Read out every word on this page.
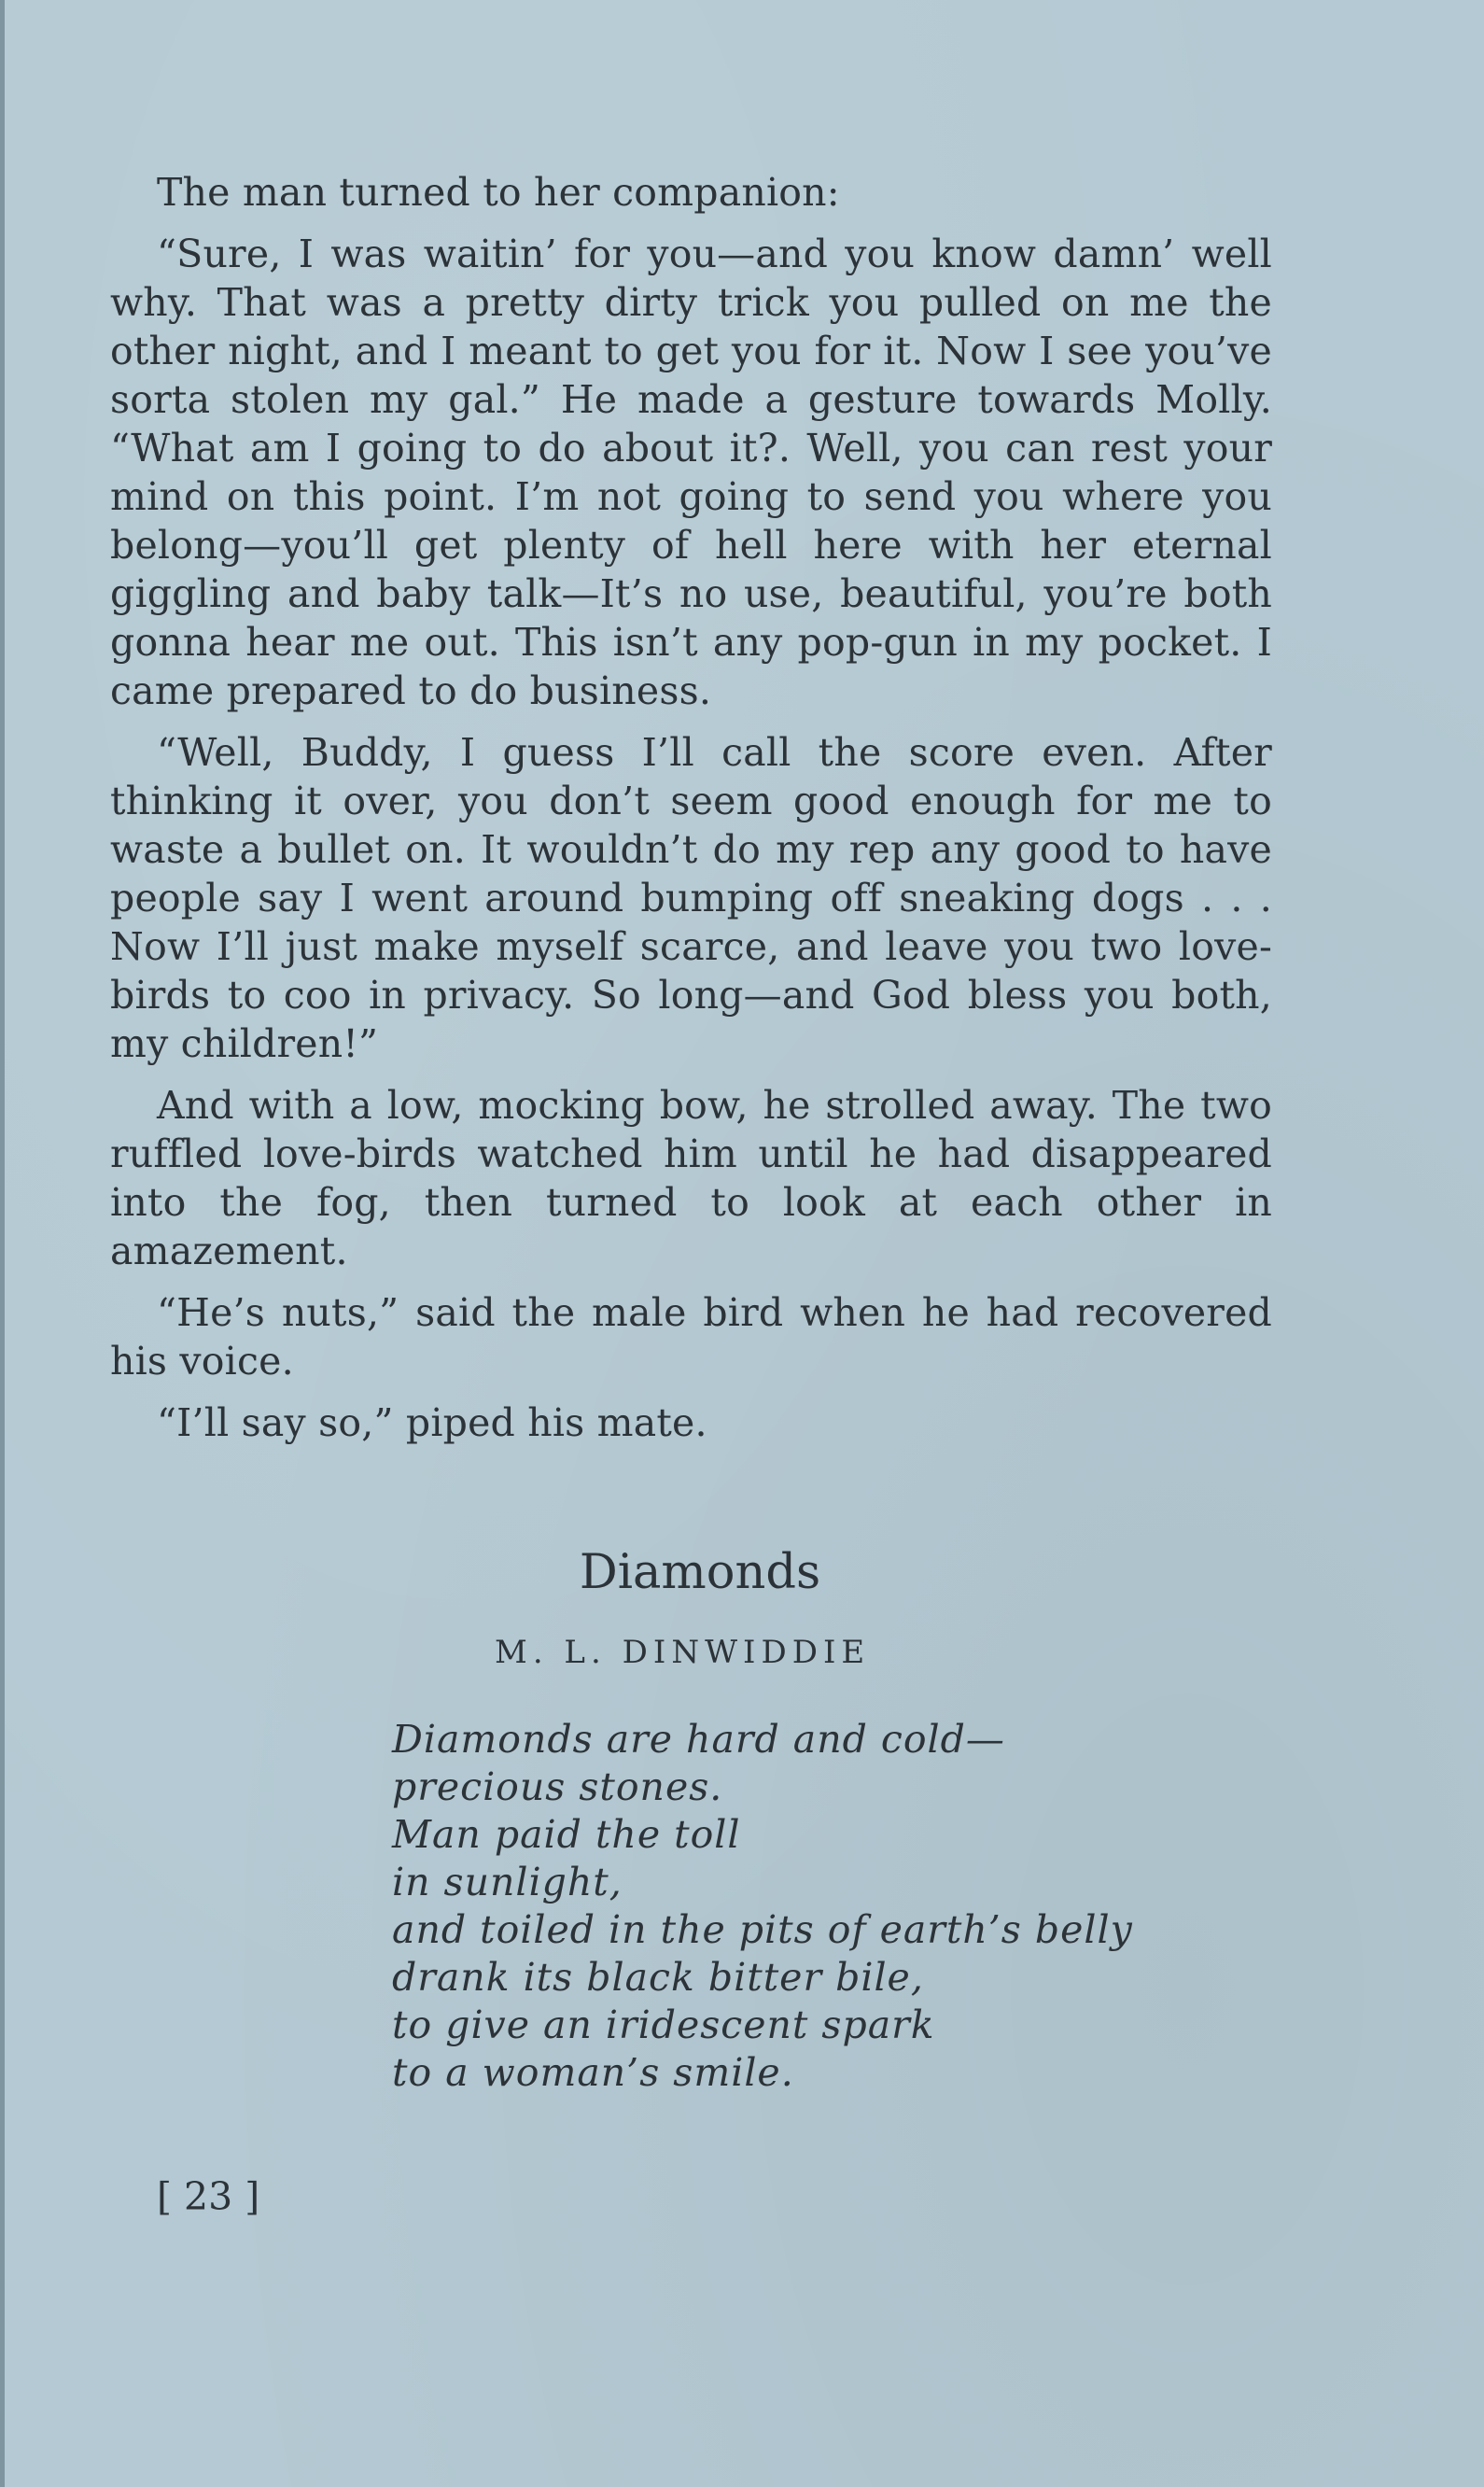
The man turned to her companion:

“Sure, I was waitin’ for you—and you know damn’ well why. That was a pretty dirty trick you pulled on me the other night, and I meant to get you for it. Now I see you’ve sorta stolen my gal.” He made a gesture towards Molly. “What am I going to do about it?. Well, you can rest your mind on this point. I’m not going to send you where you belong—you’ll get plenty of hell here with her eternal giggling and baby talk—It’s no use, beautiful, you’re both gonna hear me out. This isn’t any pop-gun in my pocket. I came prepared to do business.

“Well, Buddy, I guess I’ll call the score even. After thinking it over, you don’t seem good enough for me to waste a bullet on. It wouldn’t do my rep any good to have people say I went around bumping off sneaking dogs . . . Now I’ll just make myself scarce, and leave you two love-birds to coo in privacy. So long—and God bless you both, my children!”

And with a low, mocking bow, he strolled away. The two ruffled love-birds watched him until he had disappeared into the fog, then turned to look at each other in amazement.

“He’s nuts,” said the male bird when he had recovered his voice.

“I’ll say so,” piped his mate.

Diamonds
M. L. DINWIDDIE
Diamonds are hard and cold—
precious stones.
Man paid the toll
in sunlight,
and toiled in the pits of earth’s belly
drank its black bitter bile,
to give an iridescent spark
to a woman’s smile.
[ 23 ]
